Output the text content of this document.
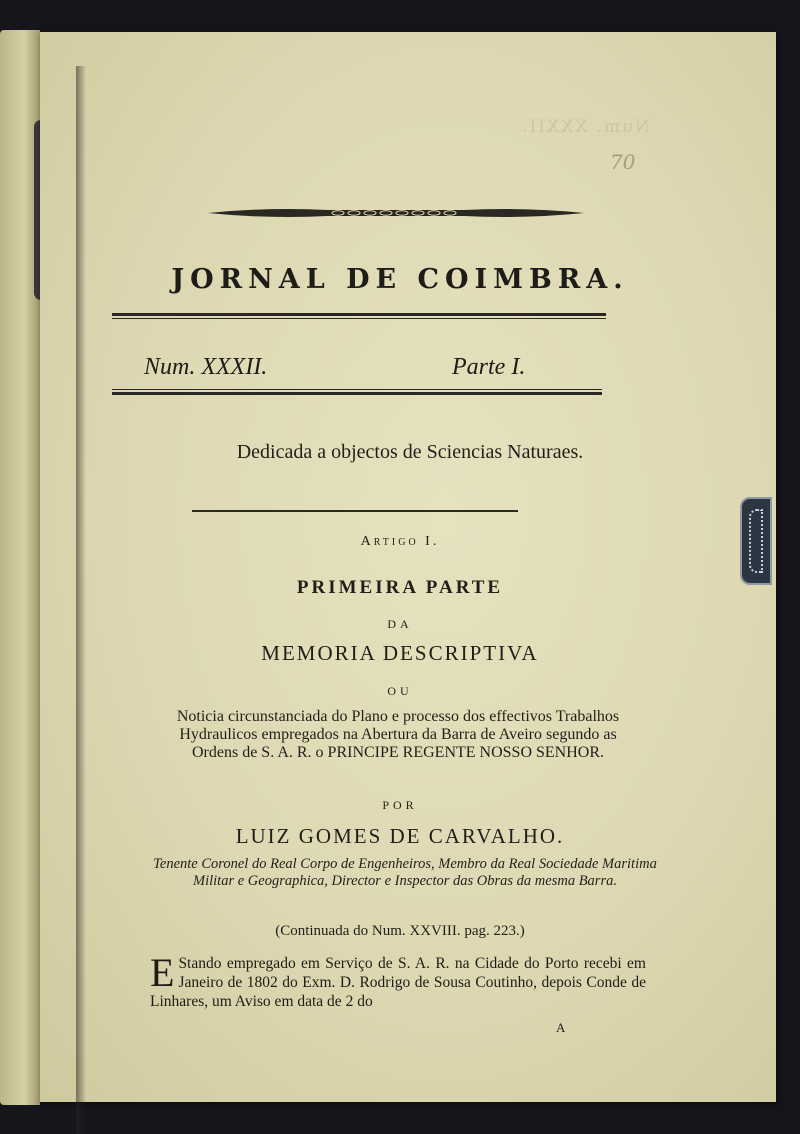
Num. XXXII.
70
JORNAL DE COIMBRA.
Num. XXXII.	Parte I.
Dedicada a objectos de Sciencias Naturaes.
Artigo I.
PRIMEIRA PARTE
DA
MEMORIA DESCRIPTIVA
OU
Noticia circunstanciada do Plano e processo dos effectivos Trabalhos Hydraulicos empregados na Abertura da Barra de Aveiro segundo as Ordens de S. A. R. o PRINCIPE REGENTE NOSSO SENHOR.
POR
LUIZ GOMES DE CARVALHO.
Tenente Coronel do Real Corpo de Engenheiros, Membro da Real Sociedade Maritima Militar e Geographica, Director e Inspector das Obras da mesma Barra.
(Continuada do Num. XXVIII. pag. 223.)
E Stando empregado em Serviço de S. A. R. na Cidade do Porto recebi em Janeiro de 1802 do Exm. D. Rodrigo de Sousa Coutinho, depois Conde de Linhares, um Aviso em data de 2 do
A
